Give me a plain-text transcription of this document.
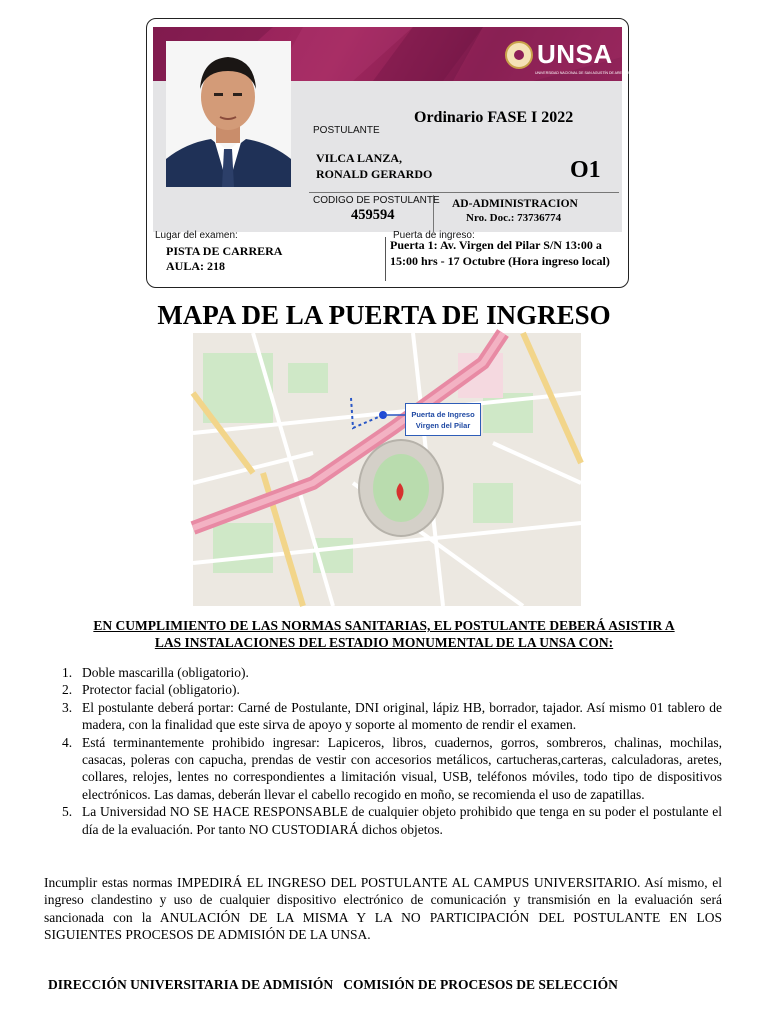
UNSA
UNIVERSIDAD NACIONAL DE SAN AGUSTÍN DE AREQUIPA
POSTULANTE
Ordinario FASE I 2022
VILCA LANZA,
RONALD GERARDO	O1
CODIGO DE POSTULANTE
459594
AD-ADMINISTRACION
Nro. Doc.: 73736774
Lugar del examen:
PISTA DE CARRERA
AULA: 218
Puerta de ingreso:
Puerta 1: Av. Virgen del Pilar S/N 13:00 a 15:00 hrs - 17 Octubre (Hora ingreso local)
MAPA DE LA PUERTA DE INGRESO
Puerta de Ingreso
Virgen del Pilar
EN CUMPLIMIENTO DE LAS NORMAS SANITARIAS, EL POSTULANTE DEBERÁ ASISTIR A
LAS INSTALACIONES DEL ESTADIO MONUMENTAL DE LA UNSA CON:
1. Doble mascarilla (obligatorio).
2. Protector facial (obligatorio).
3. El postulante deberá portar: Carné de Postulante, DNI original, lápiz HB, borrador, tajador. Así mismo 01 tablero de madera, con la finalidad que este sirva de apoyo y soporte al momento de rendir el examen.
4. Está terminantemente prohibido ingresar: Lapiceros, libros, cuadernos, gorros, sombreros, chalinas, mochilas, casacas, poleras con capucha, prendas de vestir con accesorios metálicos, cartucheras,carteras, calculadoras, aretes, collares, relojes, lentes no correspondientes a limitación visual, USB, teléfonos móviles, todo tipo de dispositivos electrónicos. Las damas, deberán llevar el cabello recogido en moño, se recomienda el uso de zapatillas.
5. La Universidad NO SE HACE RESPONSABLE de cualquier objeto prohibido que tenga en su poder el postulante el día de la evaluación. Por tanto NO CUSTODIARÁ dichos objetos.
Incumplir estas normas IMPEDIRÁ EL INGRESO DEL POSTULANTE AL CAMPUS UNIVERSITARIO. Así mismo, el ingreso clandestino y uso de cualquier dispositivo electrónico de comunicación y transmisión en la evaluación será sancionada con la ANULACIÓN DE LA MISMA Y LA NO PARTICIPACIÓN DEL POSTULANTE EN LOS SIGUIENTES PROCESOS DE ADMISIÓN DE LA UNSA.
DIRECCIÓN UNIVERSITARIA DE ADMISIÓN   COMISIÓN DE PROCESOS DE SELECCIÓN
